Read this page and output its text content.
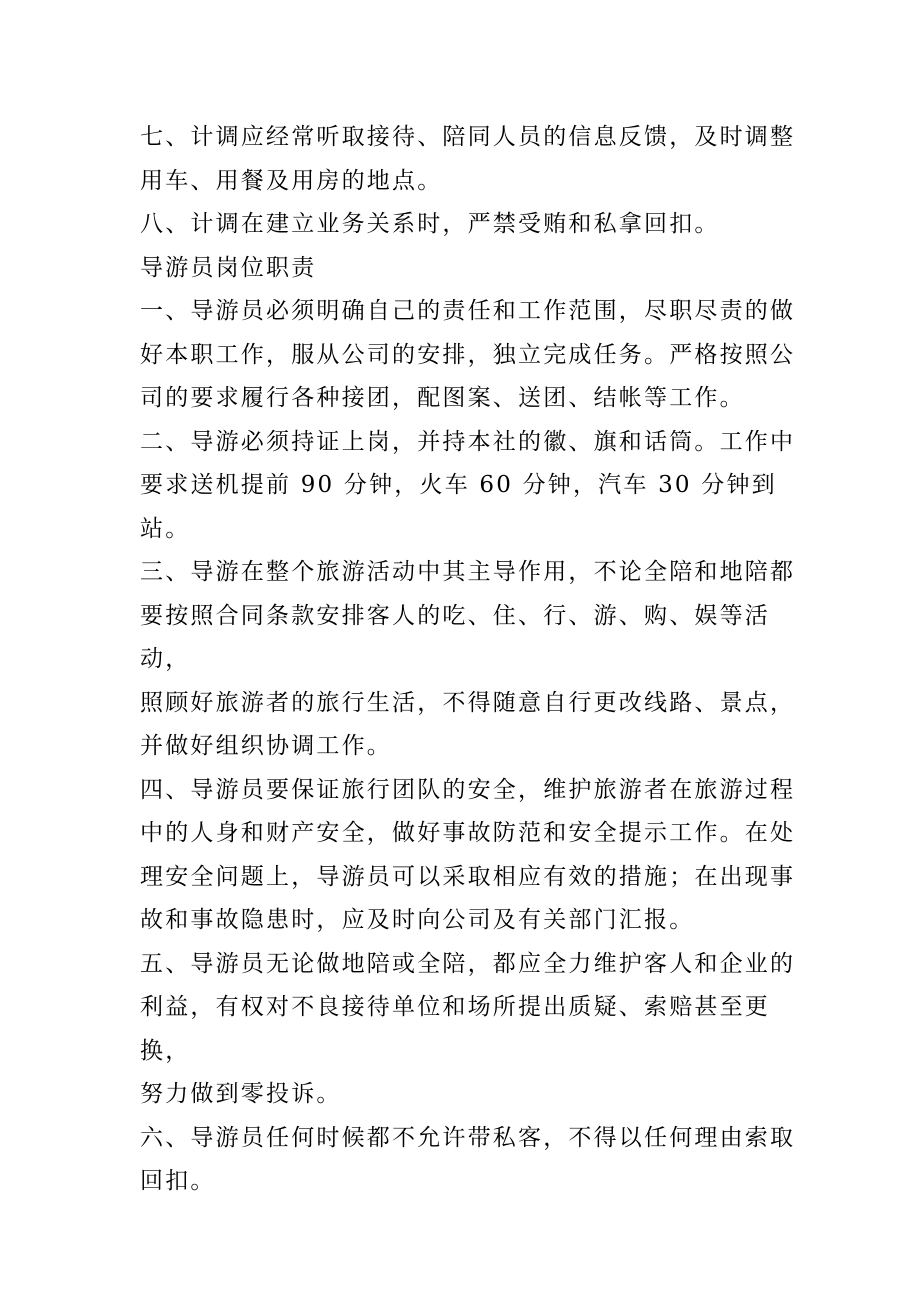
七、计调应经常听取接待、陪同人员的信息反馈，及时调整
用车、用餐及用房的地点。

八、计调在建立业务关系时，严禁受贿和私拿回扣。

导游员岗位职责

一、导游员必须明确自己的责任和工作范围，尽职尽责的做
好本职工作，服从公司的安排，独立完成任务。严格按照公
司的要求履行各种接团，配图案、送团、结帐等工作。

二、导游必须持证上岗，并持本社的徽、旗和话筒。工作中
要求送机提前 90 分钟，火车 60 分钟，汽车 30 分钟到站。

三、导游在整个旅游活动中其主导作用，不论全陪和地陪都
要按照合同条款安排客人的吃、住、行、游、购、娱等活动，
照顾好旅游者的旅行生活，不得随意自行更改线路、景点，
并做好组织协调工作。

四、导游员要保证旅行团队的安全，维护旅游者在旅游过程
中的人身和财产安全，做好事故防范和安全提示工作。在处
理安全问题上，导游员可以采取相应有效的措施；在出现事
故和事故隐患时，应及时向公司及有关部门汇报。

五、导游员无论做地陪或全陪，都应全力维护客人和企业的
利益，有权对不良接待单位和场所提出质疑、索赔甚至更换，
努力做到零投诉。

六、导游员任何时候都不允许带私客，不得以任何理由索取
回扣。
